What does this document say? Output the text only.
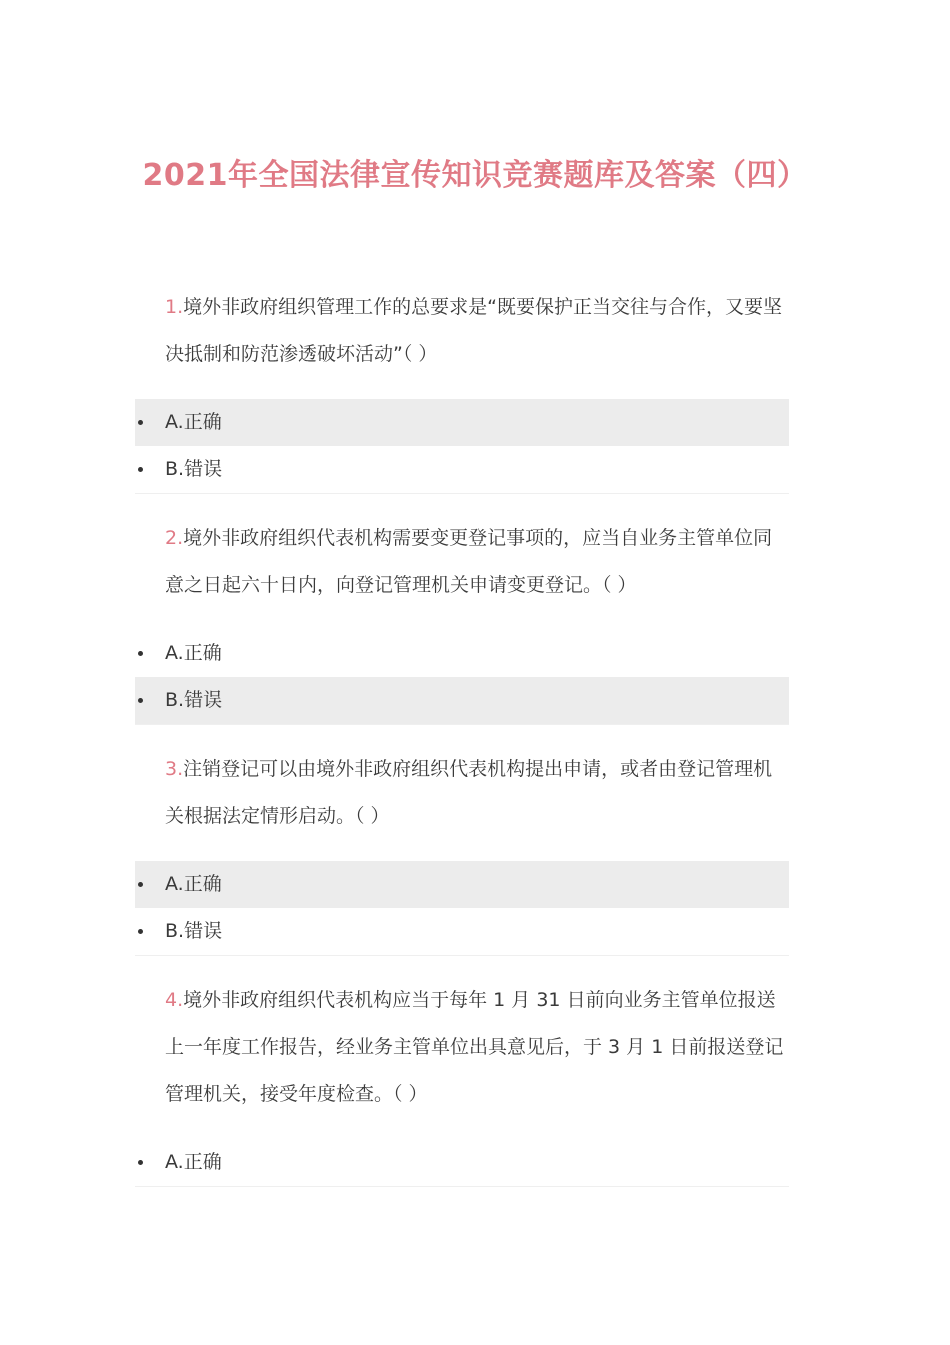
2021年全国法律宣传知识竞赛题库及答案（四）

1.境外非政府组织管理工作的总要求是“既要保护正当交往与合作，又要坚决抵制和防范渗透破坏活动”（ ）

A.正确
B.错误

2.境外非政府组织代表机构需要变更登记事项的，应当自业务主管单位同意之日起六十日内，向登记管理机关申请变更登记。（ ）

A.正确
B.错误

3.注销登记可以由境外非政府组织代表机构提出申请，或者由登记管理机关根据法定情形启动。（ ）

A.正确
B.错误

4.境外非政府组织代表机构应当于每年 1 月 31 日前向业务主管单位报送上一年度工作报告，经业务主管单位出具意见后，于 3 月 1 日前报送登记管理机关，接受年度检查。（ ）

A.正确
